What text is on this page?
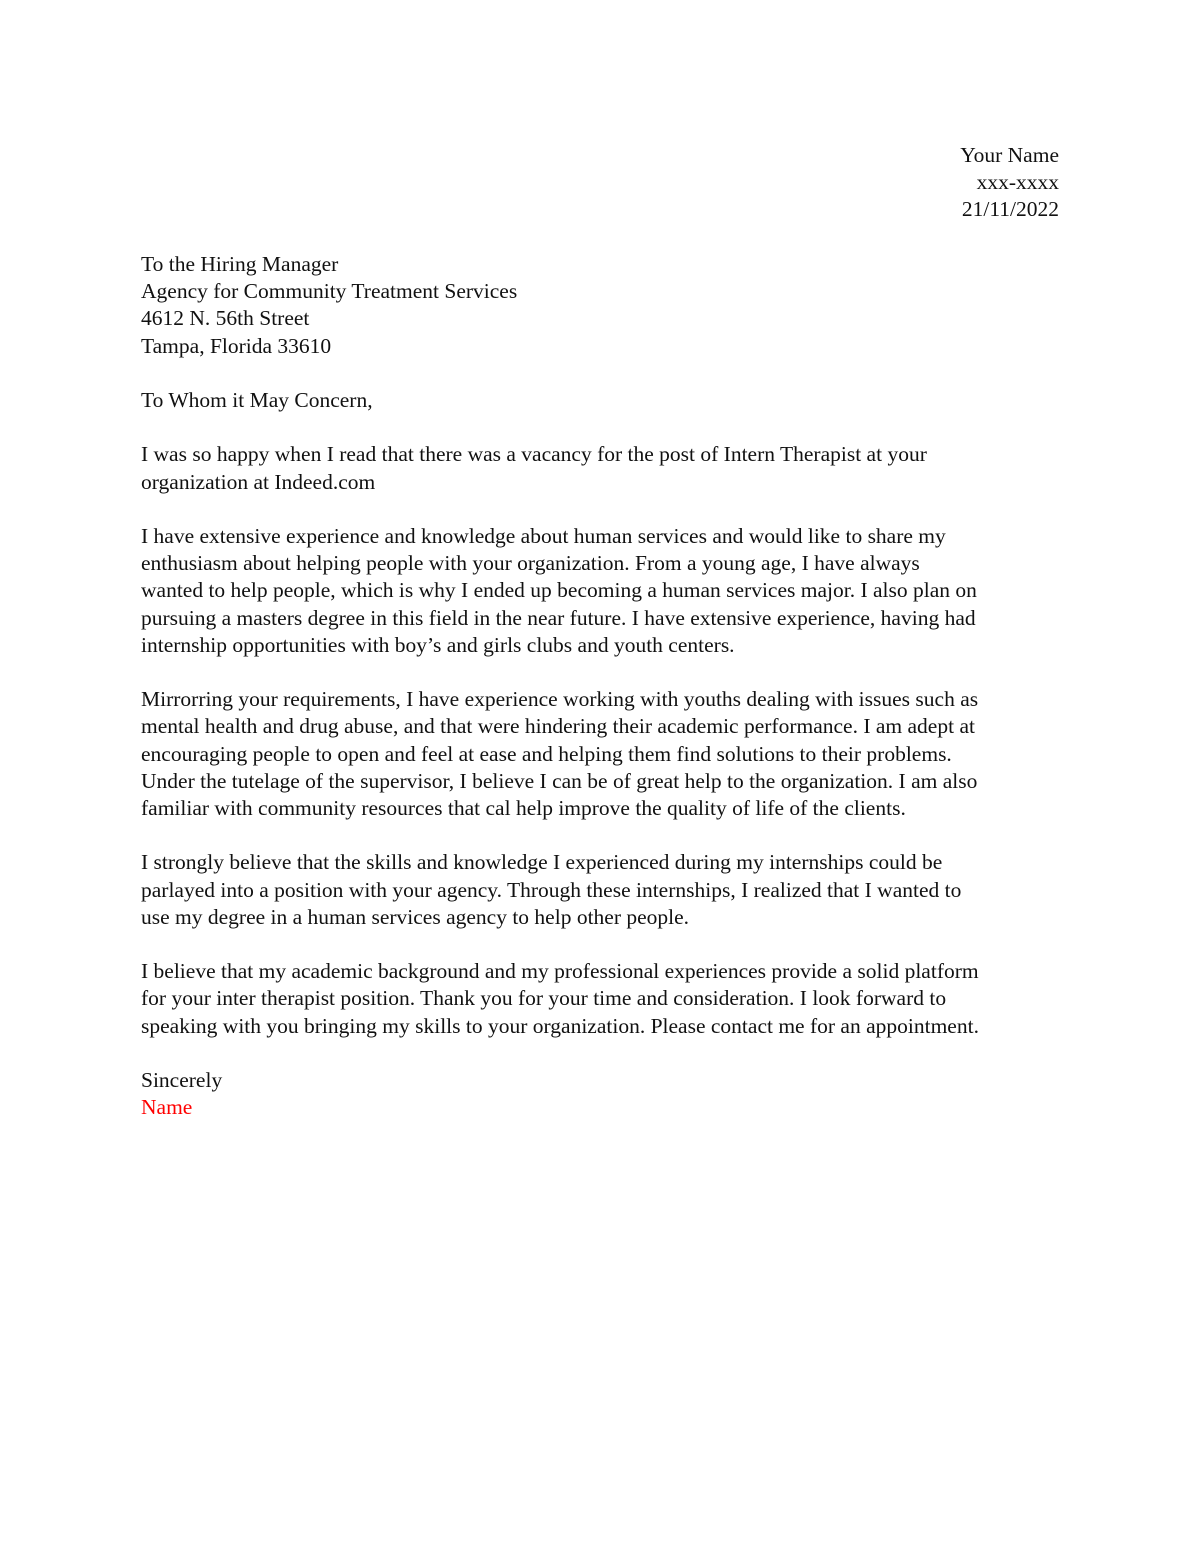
Your Name
xxx-xxxx
21/11/2022
To the Hiring Manager
Agency for Community Treatment Services
4612 N. 56th Street
Tampa, Florida 33610
To Whom it May Concern,
I was so happy when I read that there was a vacancy for the post of Intern Therapist at your
organization at Indeed.com
I have extensive experience and knowledge about human services and would like to share my
enthusiasm about helping people with your organization. From a young age, I have always
wanted to help people, which is why I ended up becoming a human services major. I also plan on
pursuing a masters degree in this field in the near future. I have extensive experience, having had
internship opportunities with boy’s and girls clubs and youth centers.
Mirrorring your requirements, I have experience working with youths dealing with issues such as
mental health and drug abuse, and that were hindering their academic performance. I am adept at
encouraging people to open and feel at ease and helping them find solutions to their problems.
Under the tutelage of the supervisor, I believe I can be of great help to the organization. I am also
familiar with community resources that cal help improve the quality of life of the clients.
I strongly believe that the skills and knowledge I experienced during my internships could be
parlayed into a position with your agency. Through these internships, I realized that I wanted to
use my degree in a human services agency to help other people.
I believe that my academic background and my professional experiences provide a solid platform
for your inter therapist position. Thank you for your time and consideration. I look forward to
speaking with you bringing my skills to your organization. Please contact me for an appointment.
Sincerely
Name
